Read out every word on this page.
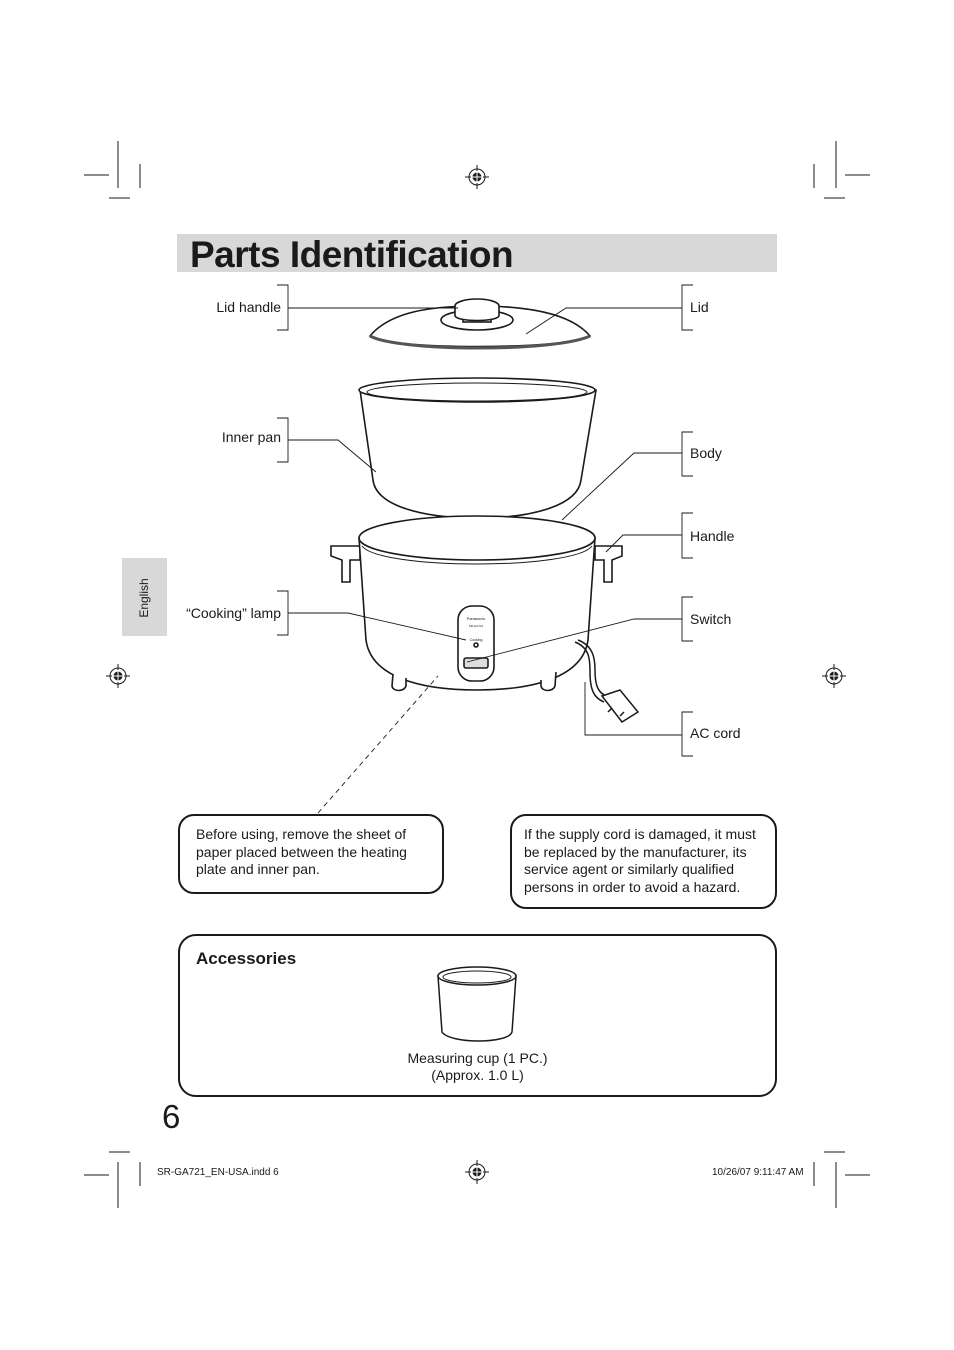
Parts Identification
English
Panasonic
SR-GA721
Cooking
Lid handle	Lid
Inner pan
Body
Handle
“Cooking” lamp	Switch
AC cord
Before using, remove the sheet of paper placed between the heating plate and inner pan.
If the supply cord is damaged, it must be replaced by the manufacturer, its service agent or similarly qualified persons in order to avoid a hazard.
Accessories
Measuring cup (1 PC.)
(Approx. 1.0 L)
6
SR-GA721_EN-USA.indd 6	10/26/07 9:11:47 AM
